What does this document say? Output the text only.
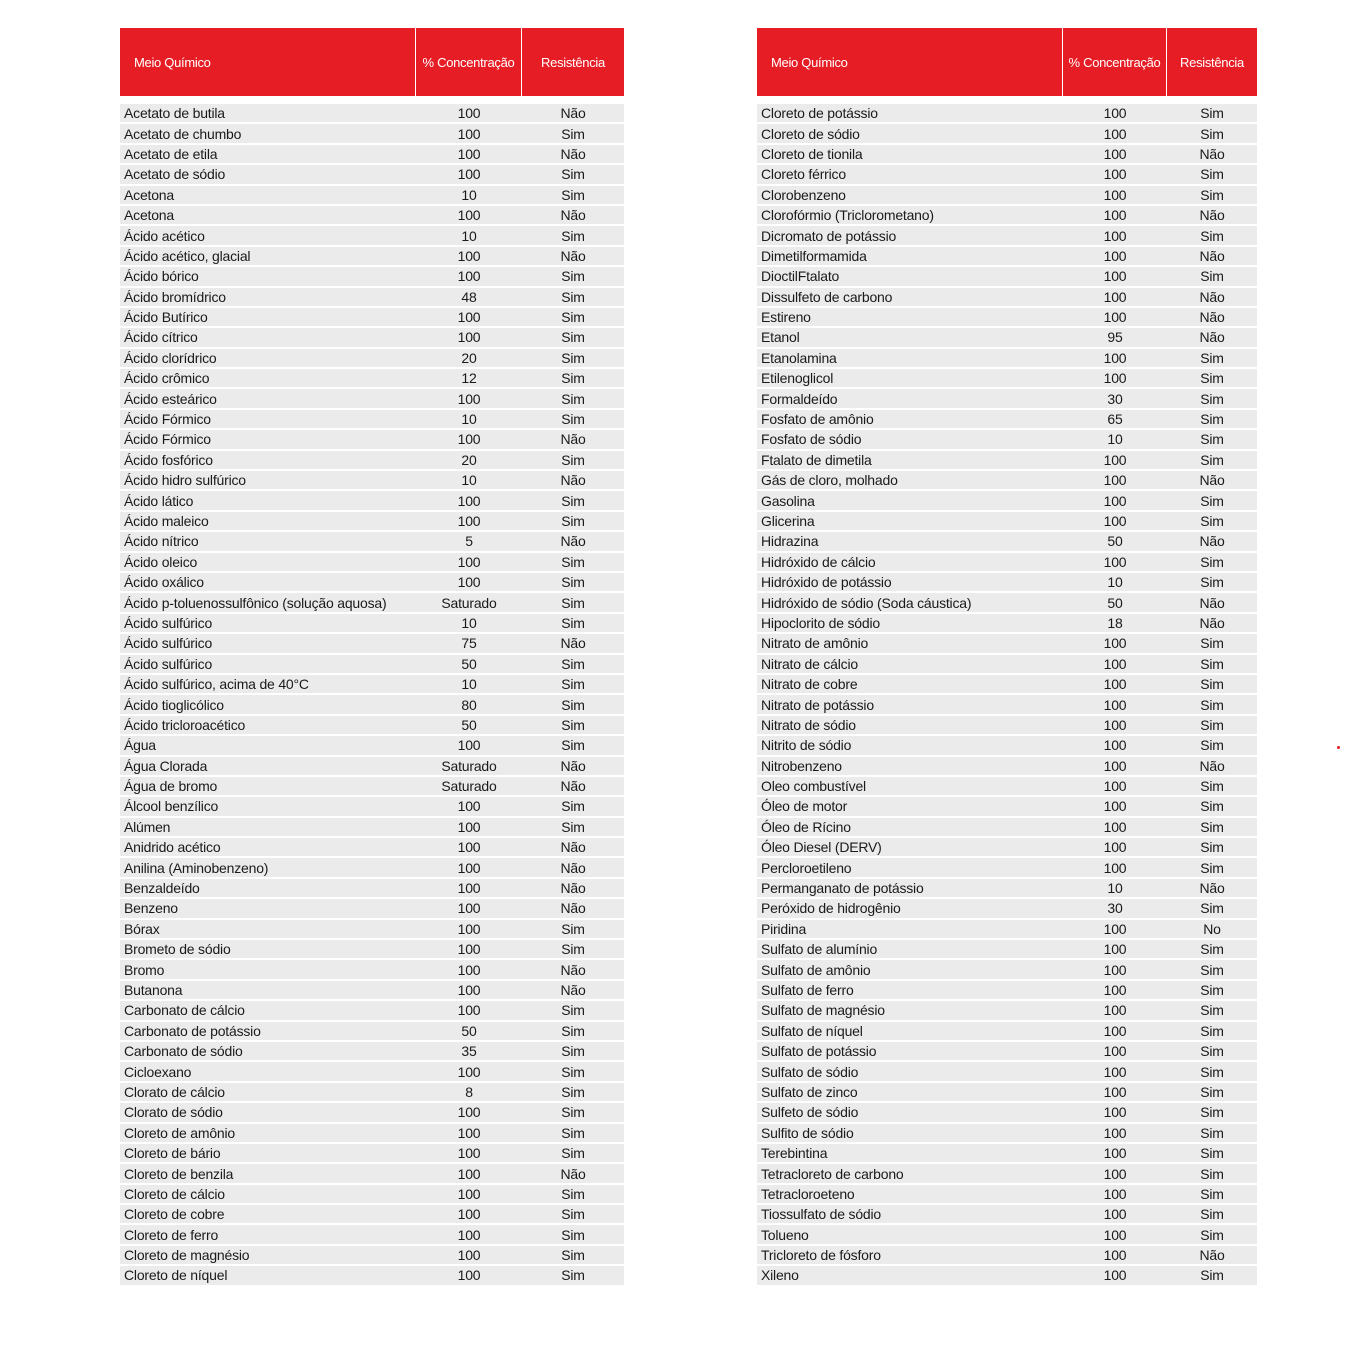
Meio Químico	% Concentração	Resistência

Acetato de butila	100	Não
Acetato de chumbo	100	Sim
Acetato de etila	100	Não
Acetato de sódio	100	Sim
Acetona	10	Sim
Acetona	100	Não
Ácido acético	10	Sim
Ácido acético, glacial	100	Não
Ácido bórico	100	Sim
Ácido bromídrico	48	Sim
Ácido Butírico	100	Sim
Ácido cítrico	100	Sim
Ácido clorídrico	20	Sim
Ácido crômico	12	Sim
Ácido esteárico	100	Sim
Ácido Fórmico	10	Sim
Ácido Fórmico	100	Não
Ácido fosfórico	20	Sim
Ácido hidro sulfúrico	10	Não
Ácido lático	100	Sim
Ácido maleico	100	Sim
Ácido nítrico	5	Não
Ácido oleico	100	Sim
Ácido oxálico	100	Sim
Ácido p-toluenossulfônico (solução aquosa)	Saturado	Sim
Ácido sulfúrico	10	Sim
Ácido sulfúrico	75	Não
Ácido sulfúrico	50	Sim
Ácido sulfúrico, acima de 40°C	10	Sim
Ácido tioglicólico	80	Sim
Ácido tricloroacético	50	Sim
Água	100	Sim
Água Clorada	Saturado	Não
Água de bromo	Saturado	Não
Álcool benzílico	100	Sim
Alúmen	100	Sim
Anidrido acético	100	Não
Anilina (Aminobenzeno)	100	Não
Benzaldeído	100	Não
Benzeno	100	Não
Bórax	100	Sim
Brometo de sódio	100	Sim
Bromo	100	Não
Butanona	100	Não
Carbonato de cálcio	100	Sim
Carbonato de potássio	50	Sim
Carbonato de sódio	35	Sim
Cicloexano	100	Sim
Clorato de cálcio	8	Sim
Clorato de sódio	100	Sim
Cloreto de amônio	100	Sim
Cloreto de bário	100	Sim
Cloreto de benzila	100	Não
Cloreto de cálcio	100	Sim
Cloreto de cobre	100	Sim
Cloreto de ferro	100	Sim
Cloreto de magnésio	100	Sim
Cloreto de níquel	100	Sim
Meio Químico	% Concentração	Resistência

Cloreto de potássio	100	Sim
Cloreto de sódio	100	Sim
Cloreto de tionila	100	Não
Cloreto férrico	100	Sim
Clorobenzeno	100	Sim
Clorofórmio (Triclorometano)	100	Não
Dicromato de potássio	100	Sim
Dimetilformamida	100	Não
DioctilFtalato	100	Sim
Dissulfeto de carbono	100	Não
Estireno	100	Não
Etanol	95	Não
Etanolamina	100	Sim
Etilenoglicol	100	Sim
Formaldeído	30	Sim
Fosfato de amônio	65	Sim
Fosfato de sódio	10	Sim
Ftalato de dimetila	100	Sim
Gás de cloro, molhado	100	Não
Gasolina	100	Sim
Glicerina	100	Sim
Hidrazina	50	Não
Hidróxido de cálcio	100	Sim
Hidróxido de potássio	10	Sim
Hidróxido de sódio (Soda cáustica)	50	Não
Hipoclorito de sódio	18	Não
Nitrato de amônio	100	Sim
Nitrato de cálcio	100	Sim
Nitrato de cobre	100	Sim
Nitrato de potássio	100	Sim
Nitrato de sódio	100	Sim
Nitrito de sódio	100	Sim
Nitrobenzeno	100	Não
Oleo combustível	100	Sim
Óleo de motor	100	Sim
Óleo de Rícino	100	Sim
Óleo Diesel (DERV)	100	Sim
Percloroetileno	100	Sim
Permanganato de potássio	10	Não
Peróxido de hidrogênio	30	Sim
Piridina	100	No
Sulfato de alumínio	100	Sim
Sulfato de amônio	100	Sim
Sulfato de ferro	100	Sim
Sulfato de magnésio	100	Sim
Sulfato de níquel	100	Sim
Sulfato de potássio	100	Sim
Sulfato de sódio	100	Sim
Sulfato de zinco	100	Sim
Sulfeto de sódio	100	Sim
Sulfito de sódio	100	Sim
Terebintina	100	Sim
Tetracloreto de carbono	100	Sim
Tetracloroeteno	100	Sim
Tiossulfato de sódio	100	Sim
Tolueno	100	Sim
Tricloreto de fósforo	100	Não
Xileno	100	Sim
